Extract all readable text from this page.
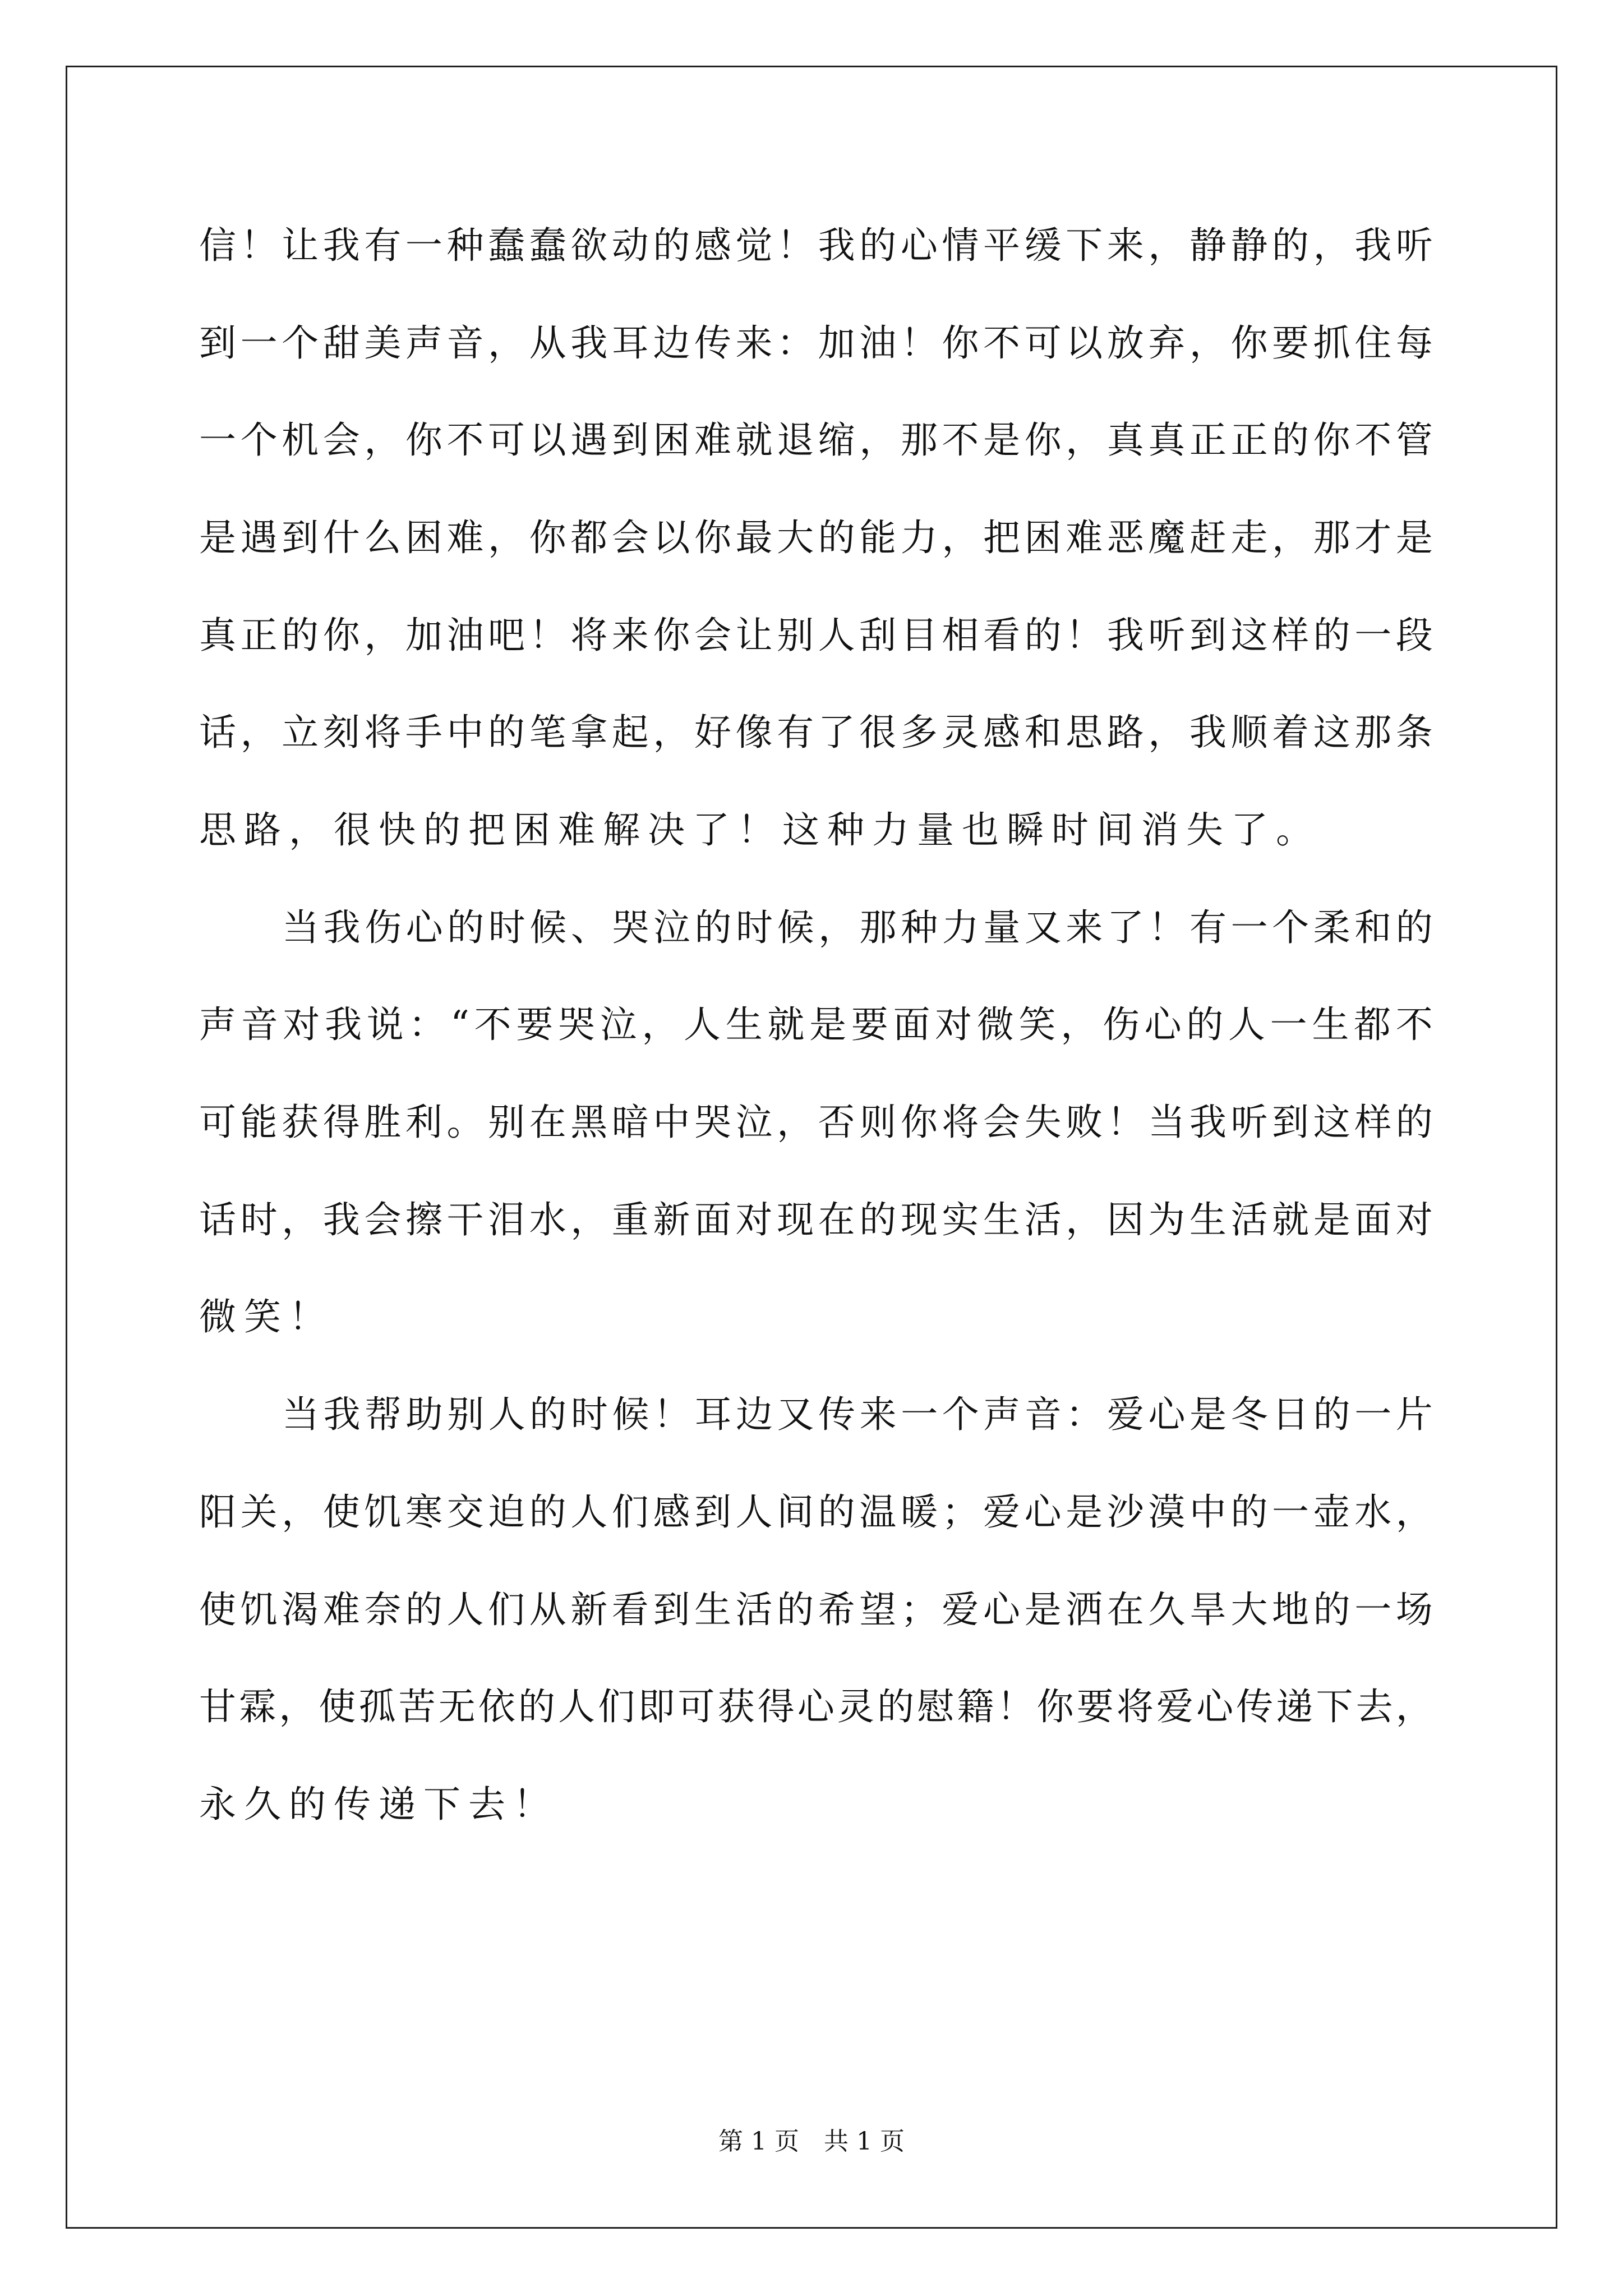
信 ！ 让 我 有 一 种 蠢 蠢 欲 动 的 感 觉 ！ 我 的 心 情 平 缓 下 来 ， 静 静 的 ， 我 听
到 一 个 甜 美 声 音 ， 从 我 耳 边 传 来 ： 加 油 ！ 你 不 可 以 放 弃 ， 你 要 抓 住 每
一 个 机 会 ， 你 不 可 以 遇 到 困 难 就 退 缩 ， 那 不 是 你 ， 真 真 正 正 的 你 不 管
是 遇 到 什 么 困 难 ， 你 都 会 以 你 最 大 的 能 力 ， 把 困 难 恶 魔 赶 走 ， 那 才 是
真 正 的 你 ， 加 油 吧 ！ 将 来 你 会 让 别 人 刮 目 相 看 的 ！ 我 听 到 这 样 的 一 段
话 ， 立 刻 将 手 中 的 笔 拿 起 ， 好 像 有 了 很 多 灵 感 和 思 路 ， 我 顺 着 这 那 条
思路，很快的把困难解决了！这种力量也瞬时间消失了。
当 我 伤 心 的 时 候 、 哭 泣 的 时 候 ， 那 种 力 量 又 来 了 ！ 有 一 个 柔 和 的
声 音 对 我 说 ： “ 不 要 哭 泣 ， 人 生 就 是 要 面 对 微 笑 ， 伤 心 的 人 一 生 都 不
可 能 获 得 胜 利 。 别 在 黑 暗 中 哭 泣 ， 否 则 你 将 会 失 败 ！ 当 我 听 到 这 样 的
话 时 ， 我 会 擦 干 泪 水 ， 重 新 面 对 现 在 的 现 实 生 活 ， 因 为 生 活 就 是 面 对
微笑！
当 我 帮 助 别 人 的 时 候 ！ 耳 边 又 传 来 一 个 声 音 ： 爱 心 是 冬 日 的 一 片
阳 关 ， 使 饥 寒 交 迫 的 人 们 感 到 人 间 的 温 暖 ； 爱 心 是 沙 漠 中 的 一 壶 水 ，
使 饥 渴 难 奈 的 人 们 从 新 看 到 生 活 的 希 望 ； 爱 心 是 洒 在 久 旱 大 地 的 一 场
甘 霖 ， 使 孤 苦 无 依 的 人 们 即 可 获 得 心 灵 的 慰 籍 ！ 你 要 将 爱 心 传 递 下 去 ，
永久的传递下去！
第 1 页　共 1 页
